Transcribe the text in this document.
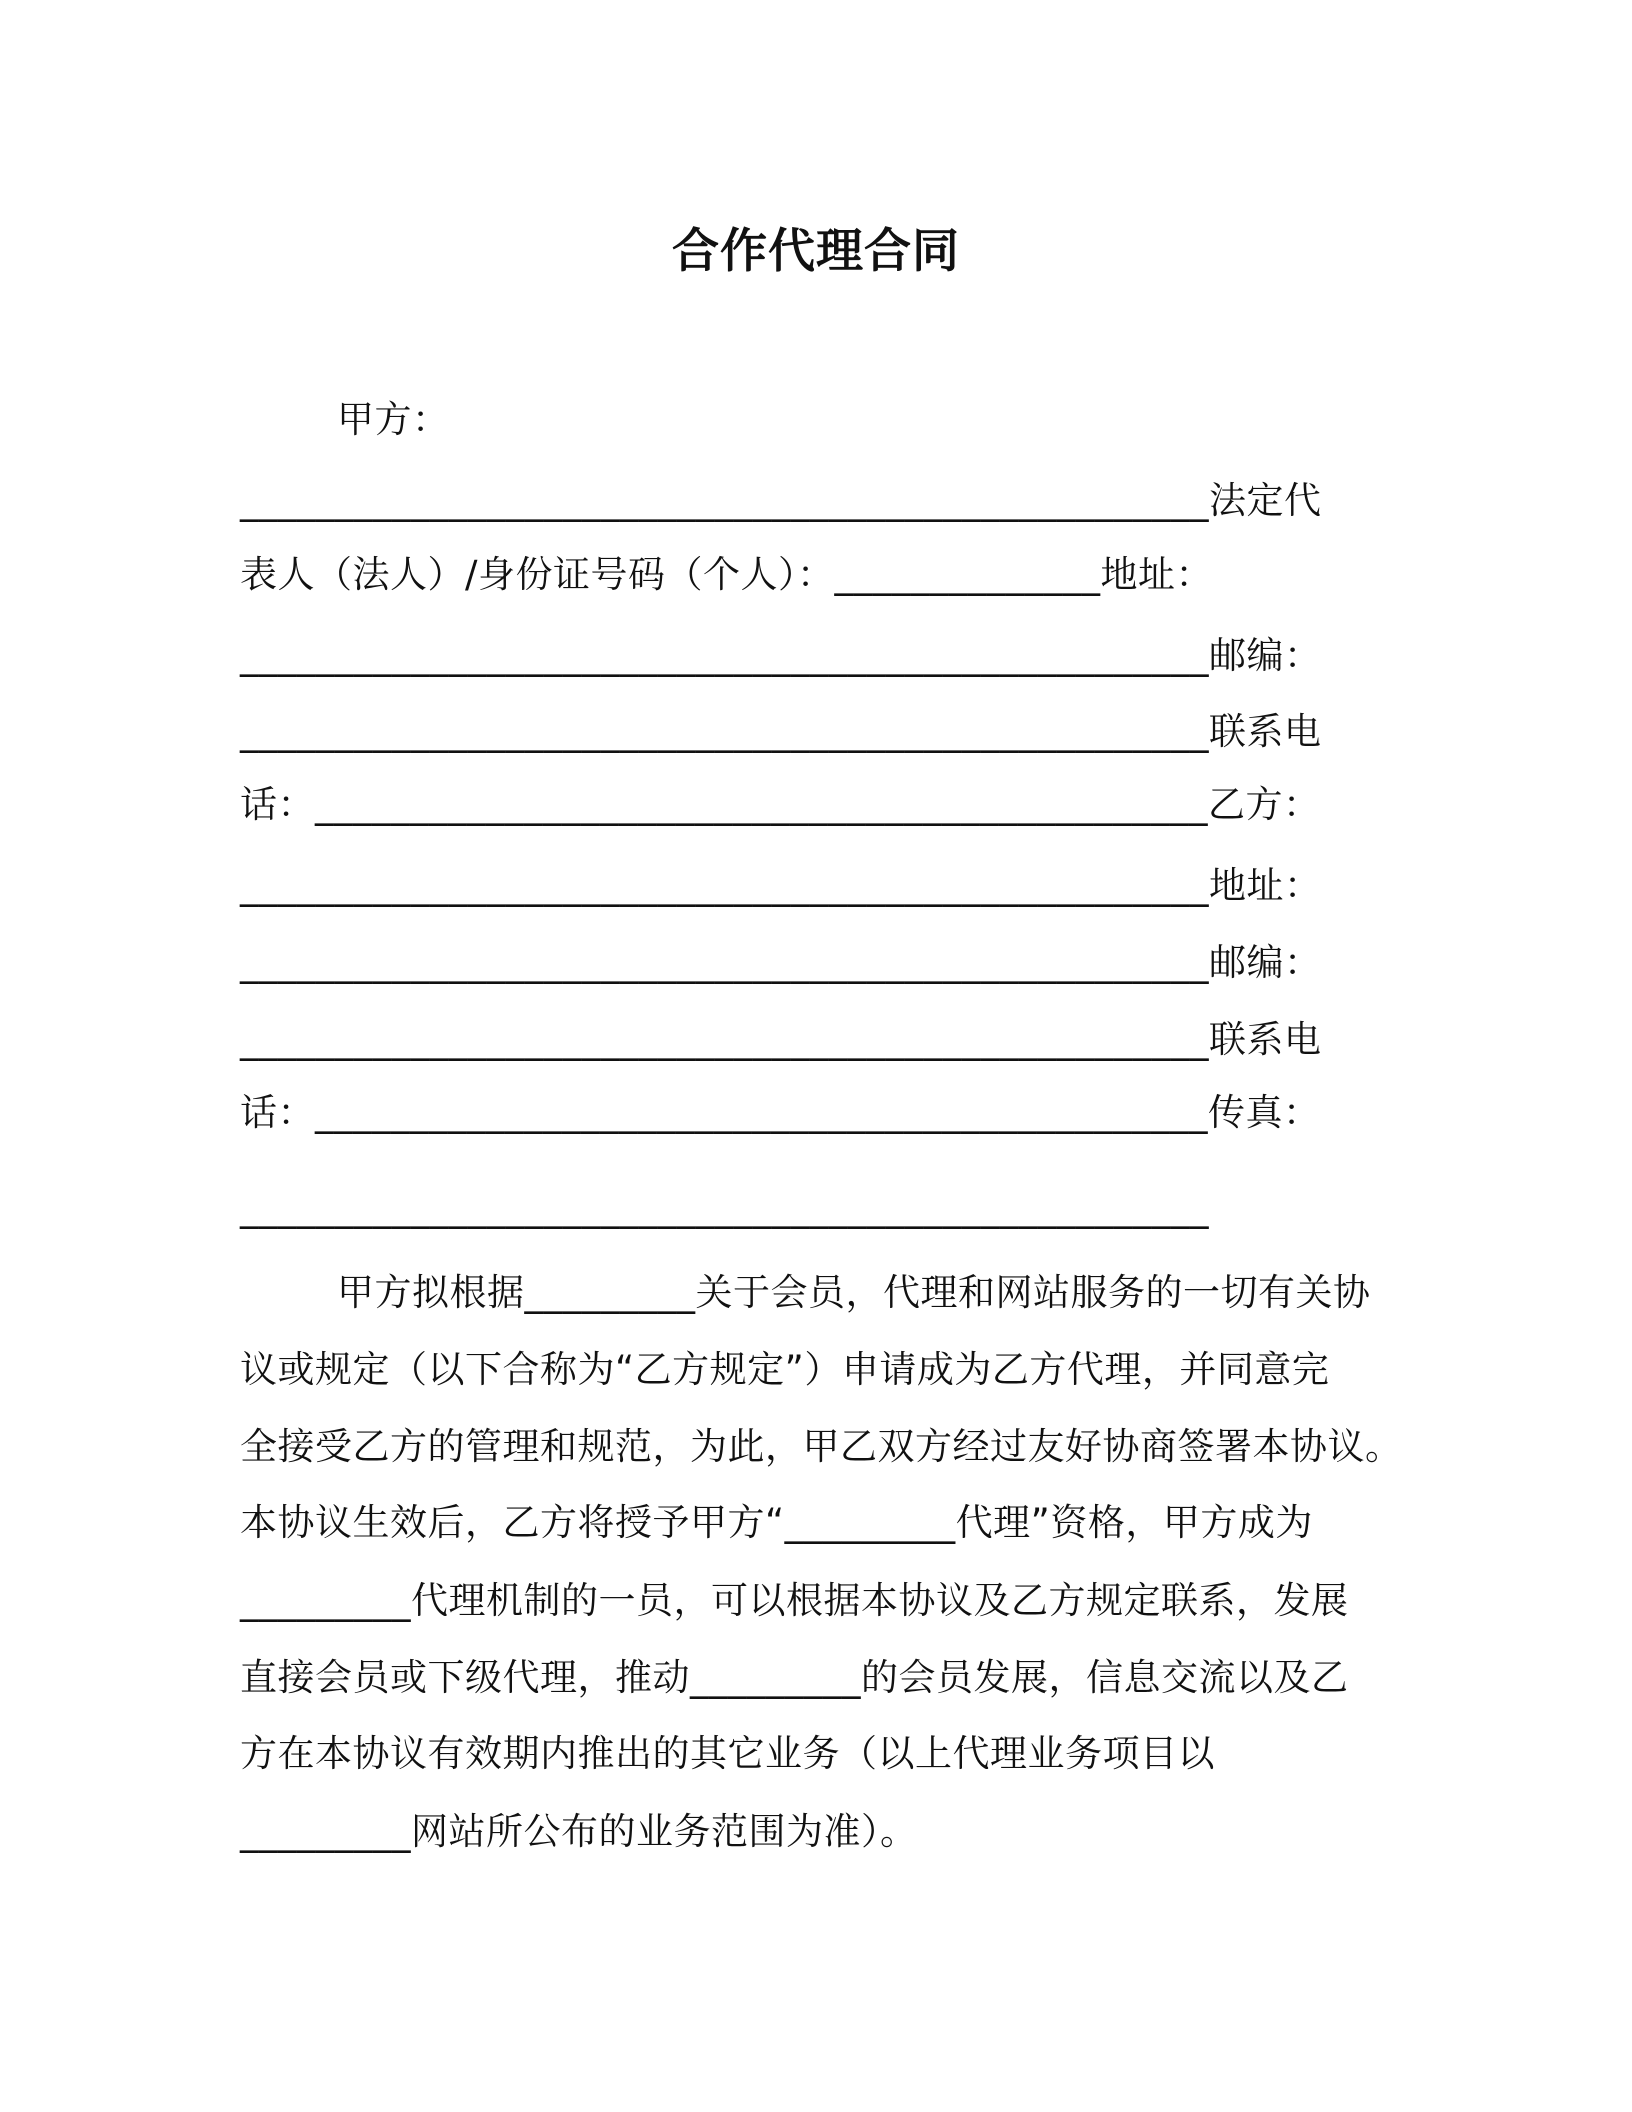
合作代理合同
甲方：
___________________________________________________法定代
表人（法人）/身份证号码（个人）：______________地址：
___________________________________________________邮编：
___________________________________________________联系电
话：_______________________________________________乙方：
___________________________________________________地址：
___________________________________________________邮编：
___________________________________________________联系电
话：_______________________________________________传真：
___________________________________________________
甲方拟根据_________关于会员，代理和网站服务的一切有关协
议或规定（以下合称为“乙方规定”）申请成为乙方代理，并同意完
全接受乙方的管理和规范，为此，甲乙双方经过友好协商签署本协议。
本协议生效后，乙方将授予甲方“_________代理”资格，甲方成为
_________代理机制的一员，可以根据本协议及乙方规定联系，发展
直接会员或下级代理，推动_________的会员发展，信息交流以及乙
方在本协议有效期内推出的其它业务（以上代理业务项目以
_________网站所公布的业务范围为准）。
